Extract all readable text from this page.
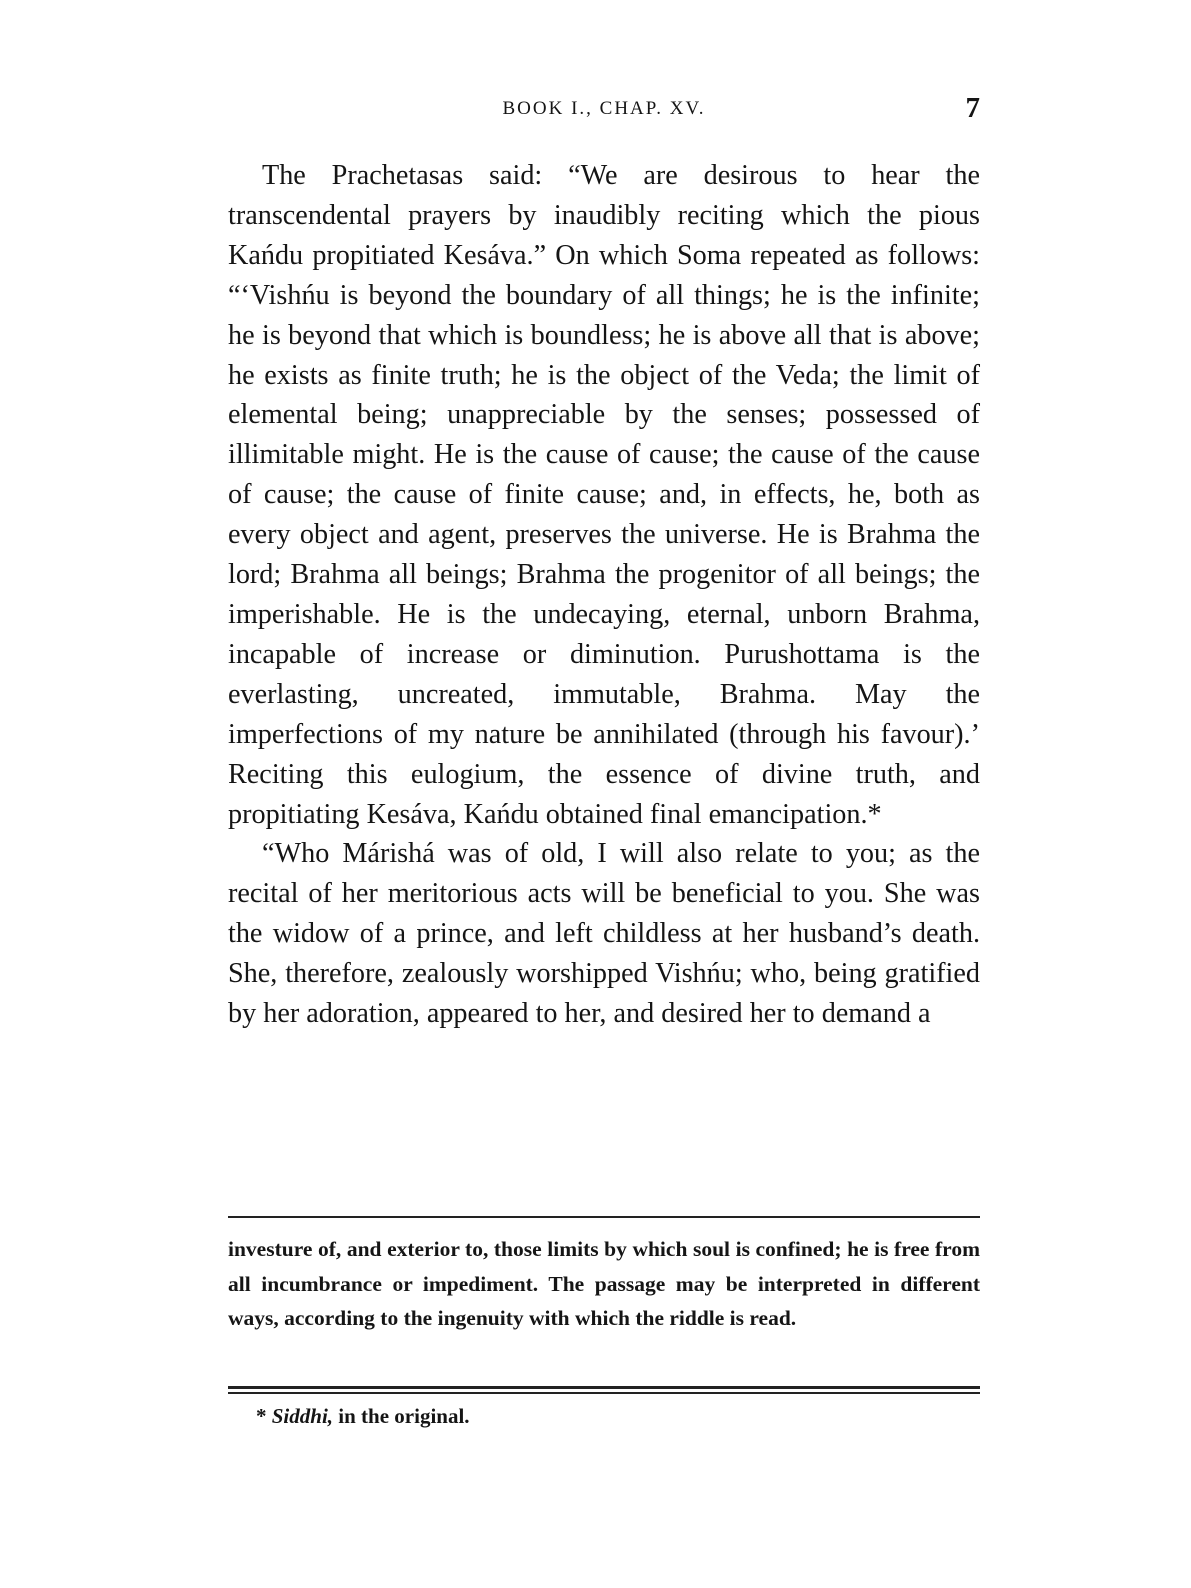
BOOK I., CHAP. XV.	7

The Prachetasas said: “We are desirous to hear the transcendental prayers by inaudibly reciting which the pious Kańdu propitiated Kesáva.” On which Soma repeated as follows: “‘Vishńu is beyond the boundary of all things; he is the infinite; he is beyond that which is boundless; he is above all that is above; he exists as finite truth; he is the object of the Veda; the limit of elemental being; unappreciable by the senses; possessed of illimitable might. He is the cause of cause; the cause of the cause of cause; the cause of finite cause; and, in effects, he, both as every object and agent, preserves the universe. He is Brahma the lord; Brahma all beings; Brahma the progenitor of all beings; the imperishable. He is the undecaying, eternal, unborn Brahma, incapable of increase or diminution. Purushottama is the everlasting, uncreated, immutable, Brahma. May the imperfections of my nature be annihilated (through his favour).’ Reciting this eulogium, the essence of divine truth, and propitiating Kesáva, Kańdu obtained final emancipation.*

“Who Márishá was of old, I will also relate to you; as the recital of her meritorious acts will be beneficial to you. She was the widow of a prince, and left childless at her husband’s death. She, therefore, zealously worshipped Vishńu; who, being gratified by her adoration, appeared to her, and desired her to demand a

investure of, and exterior to, those limits by which soul is confined; he is free from all incumbrance or impediment. The passage may be interpreted in different ways, according to the ingenuity with which the riddle is read.

* Siddhi, in the original.
